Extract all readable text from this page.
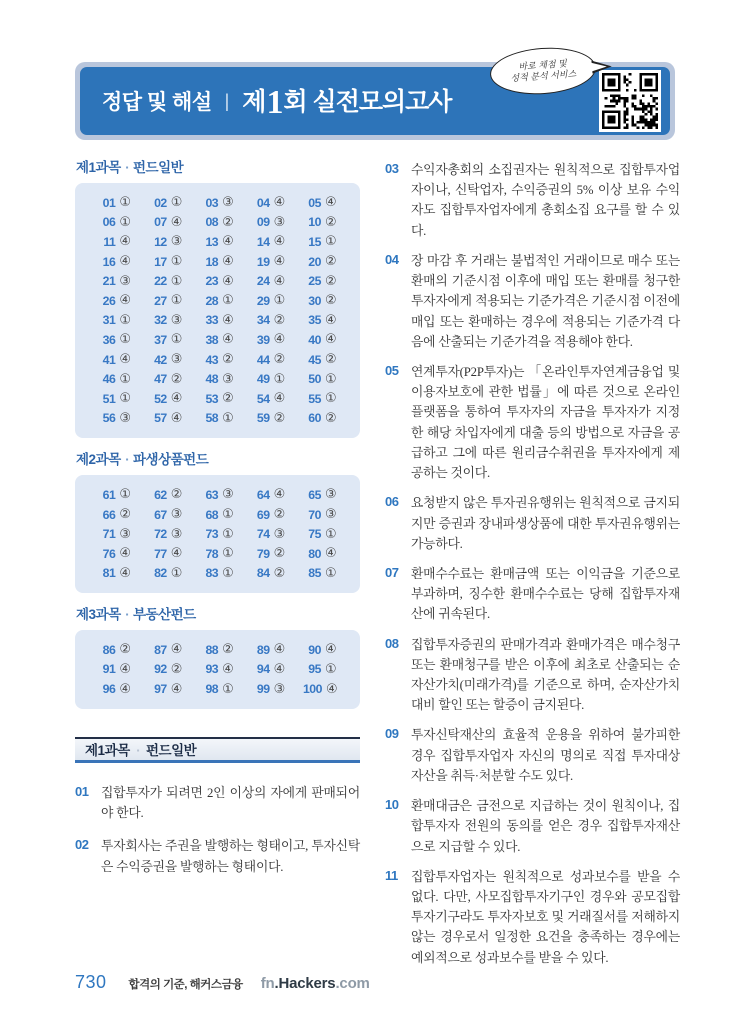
정답 및 해설 | 제1회 실전모의고사
바로 채점 및
성적 분석 서비스
제1과목 ▪ 펀드일반
01 ①	02 ①	03 ③	04 ④	05 ④
06 ①	07 ④	08 ②	09 ③	10 ②
11 ④	12 ③	13 ④	14 ④	15 ①
16 ④	17 ①	18 ④	19 ④	20 ②
21 ③	22 ①	23 ④	24 ④	25 ②
26 ④	27 ①	28 ①	29 ①	30 ②
31 ①	32 ③	33 ④	34 ②	35 ④
36 ①	37 ①	38 ④	39 ④	40 ④
41 ④	42 ③	43 ②	44 ②	45 ②
46 ①	47 ②	48 ③	49 ①	50 ①
51 ①	52 ④	53 ②	54 ④	55 ①
56 ③	57 ④	58 ①	59 ②	60 ②
제2과목 ▪ 파생상품펀드
61 ①	62 ②	63 ③	64 ④	65 ③
66 ②	67 ③	68 ①	69 ②	70 ③
71 ③	72 ③	73 ①	74 ③	75 ①
76 ④	77 ④	78 ①	79 ②	80 ④
81 ④	82 ①	83 ①	84 ②	85 ①
제3과목 ▪ 부동산펀드
86 ②	87 ④	88 ②	89 ④	90 ④
91 ④	92 ②	93 ④	94 ④	95 ①
96 ④	97 ④	98 ①	99 ③ 100 ④
제1과목 ▪ 펀드일반
01 집합투자가 되려면 2인 이상의 자에게 판매되어야 한다.
02 투자회사는 주권을 발행하는 형태이고, 투자신탁은 수익증권을 발행하는 형태이다.
03 수익자총회의 소집권자는 원칙적으로 집합투자업자이나, 신탁업자, 수익증권의 5% 이상 보유 수익자도 집합투자업자에게 총회소집 요구를 할 수 있다.
04 장 마감 후 거래는 불법적인 거래이므로 매수 또는 환매의 기준시점 이후에 매입 또는 환매를 청구한 투자자에게 적용되는 기준가격은 기준시점 이전에 매입 또는 환매하는 경우에 적용되는 기준가격 다음에 산출되는 기준가격을 적용해야 한다.
05 연계투자(P2P투자)는 「온라인투자연계금융업 및 이용자보호에 관한 법률」에 따른 것으로 온라인플랫폼을 통하여 투자자의 자금을 투자자가 지정한 해당 차입자에게 대출 등의 방법으로 자금을 공급하고 그에 따른 원리금수취권을 투자자에게 제공하는 것이다.
06 요청받지 않은 투자권유행위는 원칙적으로 금지되지만 증권과 장내파생상품에 대한 투자권유행위는 가능하다.
07 환매수수료는 환매금액 또는 이익금을 기준으로 부과하며, 징수한 환매수수료는 당해 집합투자재산에 귀속된다.
08 집합투자증권의 판매가격과 환매가격은 매수청구 또는 환매청구를 받은 이후에 최초로 산출되는 순자산가치(미래가격)를 기준으로 하며, 순자산가치 대비 할인 또는 할증이 금지된다.
09 투자신탁재산의 효율적 운용을 위하여 불가피한 경우 집합투자업자 자신의 명의로 직접 투자대상자산을 취득·처분할 수도 있다.
10 환매대금은 금전으로 지급하는 것이 원칙이나, 집합투자자 전원의 동의를 얻은 경우 집합투자재산으로 지급할 수 있다.
11	집합투자업자는 원칙적으로 성과보수를 받을 수 없다. 다만, 사모집합투자기구인 경우와 공모집합투자기구라도 투자자보호 및 거래질서를 저해하지 않는 경우로서 일정한 요건을 충족하는 경우에는 예외적으로 성과보수를 받을 수 있다.
730 합격의 기준, 해커스금융 fn.Hackers.com
